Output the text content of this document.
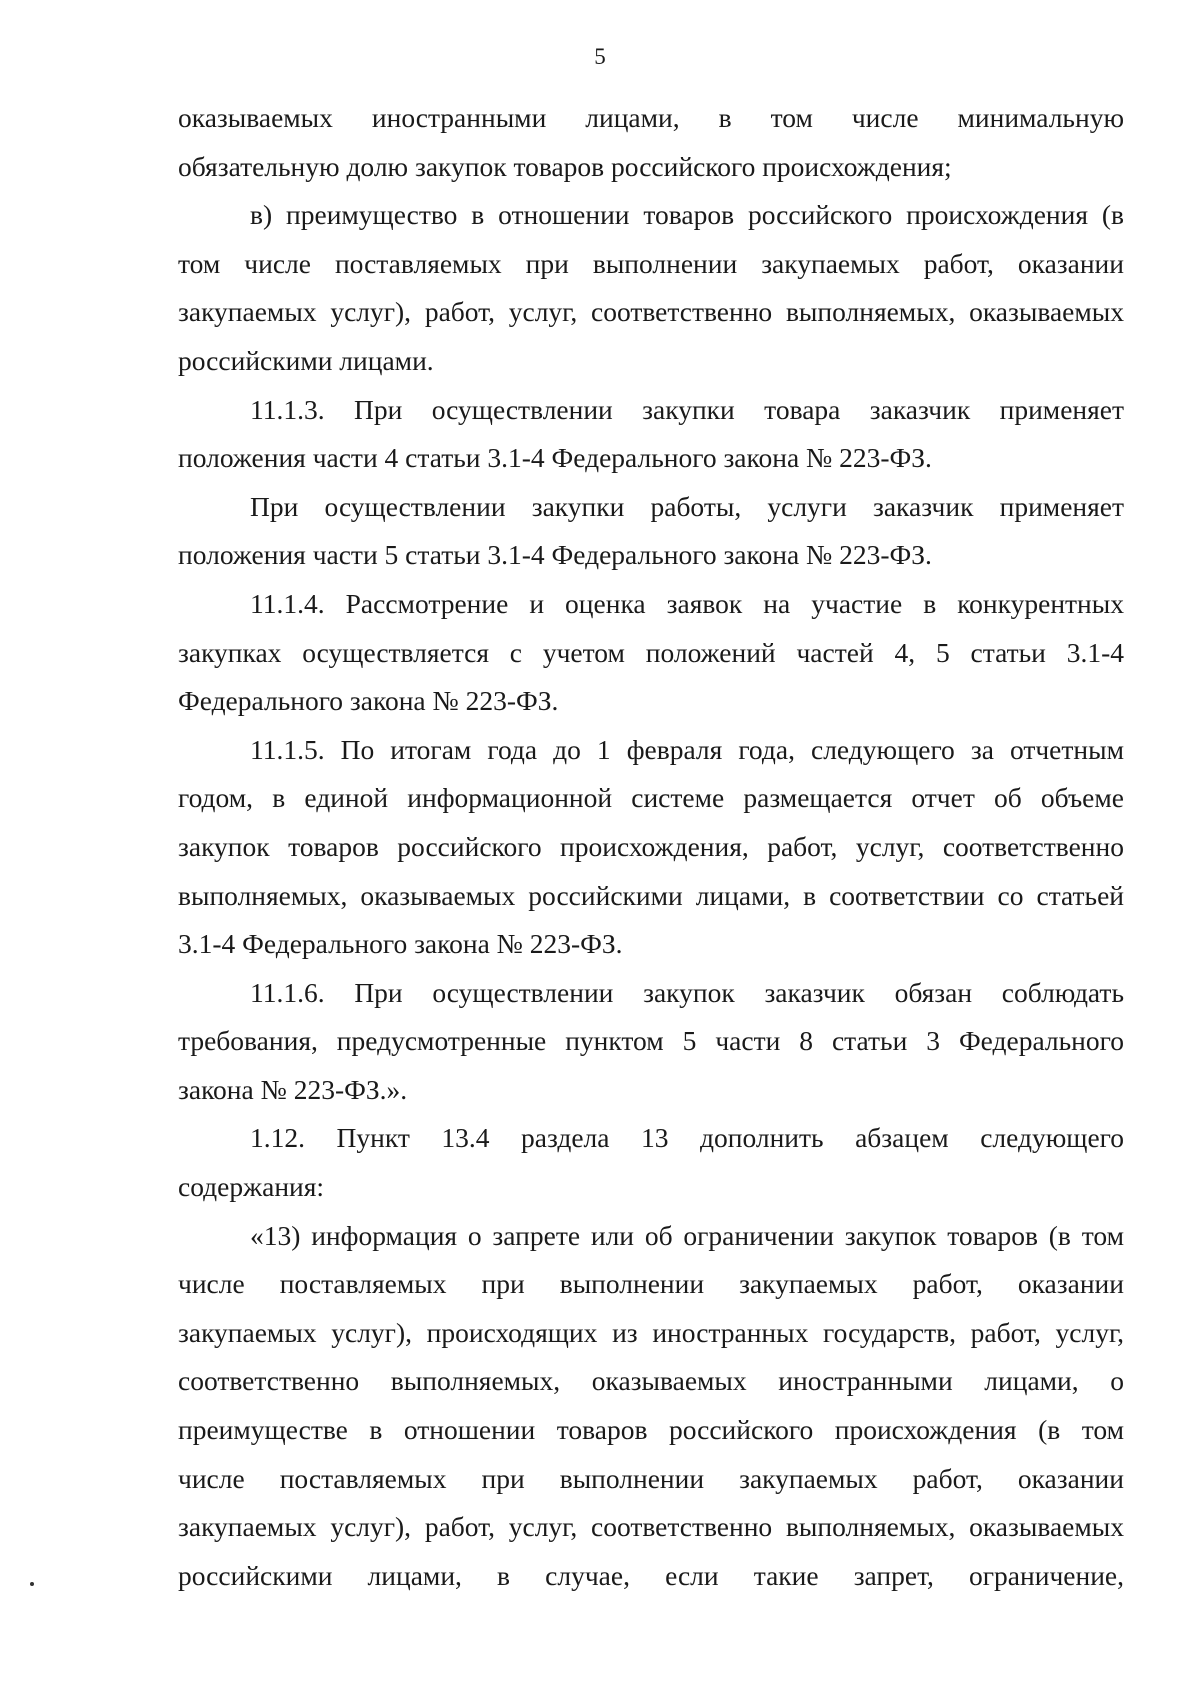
5
оказываемых иностранными лицами, в том числе минимальную
обязательную долю закупок товаров российского происхождения;
в) преимущество в отношении товаров российского происхождения (в
том числе поставляемых при выполнении закупаемых работ, оказании
закупаемых услуг), работ, услуг, соответственно выполняемых, оказываемых
российскими лицами.
11.1.3. При осуществлении закупки товара заказчик применяет
положения части 4 статьи 3.1-4 Федерального закона № 223-ФЗ.
При осуществлении закупки работы, услуги заказчик применяет
положения части 5 статьи 3.1-4 Федерального закона № 223-ФЗ.
11.1.4. Рассмотрение и оценка заявок на участие в конкурентных
закупках осуществляется с учетом положений частей 4, 5 статьи 3.1-4
Федерального закона № 223-ФЗ.
11.1.5. По итогам года до 1 февраля года, следующего за отчетным
годом, в единой информационной системе размещается отчет об объеме
закупок товаров российского происхождения, работ, услуг, соответственно
выполняемых, оказываемых российскими лицами, в соответствии со статьей
3.1-4 Федерального закона № 223-ФЗ.
11.1.6. При осуществлении закупок заказчик обязан соблюдать
требования, предусмотренные пунктом 5 части 8 статьи 3 Федерального
закона № 223-ФЗ.».
1.12. Пункт 13.4 раздела 13 дополнить абзацем следующего
содержания:
«13) информация о запрете или об ограничении закупок товаров (в том
числе поставляемых при выполнении закупаемых работ, оказании
закупаемых услуг), происходящих из иностранных государств, работ, услуг,
соответственно выполняемых, оказываемых иностранными лицами, о
преимуществе в отношении товаров российского происхождения (в том
числе поставляемых при выполнении закупаемых работ, оказании
закупаемых услуг), работ, услуг, соответственно выполняемых, оказываемых
российскими лицами, в случае, если такие запрет, ограничение,
